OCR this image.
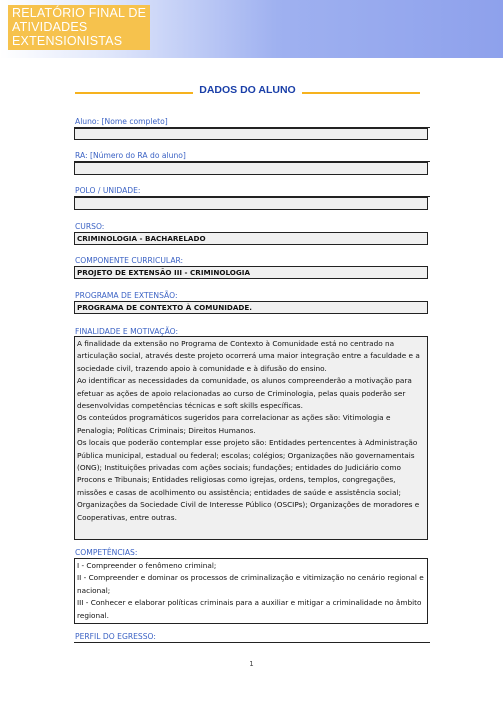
RELATÓRIO FINAL DE
ATIVIDADES
EXTENSIONISTAS
DADOS DO ALUNO
Aluno: [Nome completo]
RA: [Número do RA do aluno]
POLO / UNIDADE:
CURSO:
CRIMINOLOGIA - BACHARELADO
COMPONENTE CURRICULAR:
PROJETO DE EXTENSÃO III - CRIMINOLOGIA
PROGRAMA DE EXTENSÃO:
PROGRAMA DE CONTEXTO À COMUNIDADE.
FINALIDADE E MOTIVAÇÃO:

A finalidade da extensão no Programa de Contexto à Comunidade está no centrado na articulação social, através deste projeto ocorrerá uma maior integração entre a faculdade e a sociedade civil, trazendo apoio à comunidade e à difusão do ensino.

Ao identificar as necessidades da comunidade, os alunos compreenderão a motivação para efetuar as ações de apoio relacionadas ao curso de Criminologia, pelas quais poderão ser desenvolvidas competências técnicas e soft skills específicas.

Os conteúdos programáticos sugeridos para correlacionar as ações são: Vitimologia e Penalogia; Políticas Criminais; Direitos Humanos.

Os locais que poderão contemplar esse projeto são: Entidades pertencentes à Administração Pública municipal, estadual ou federal; escolas; colégios; Organizações não governamentais (ONG); Instituições privadas com ações sociais; fundações; entidades do Judiciário como Procons e Tribunais; Entidades religiosas como igrejas, ordens, templos, congregações, missões e casas de acolhimento ou assistência; entidades de saúde e assistência social; Organizações da Sociedade Civil de Interesse Público (OSCIPs); Organizações de moradores e Cooperativas, entre outras.

COMPETÊNCIAS:

I - Compreender o fenômeno criminal;

II - Compreender e dominar os processos de criminalização e vitimização no cenário regional e nacional;

III - Conhecer e elaborar políticas criminais para a auxiliar e mitigar a criminalidade no âmbito regional.

PERFIL DO EGRESSO:
1
